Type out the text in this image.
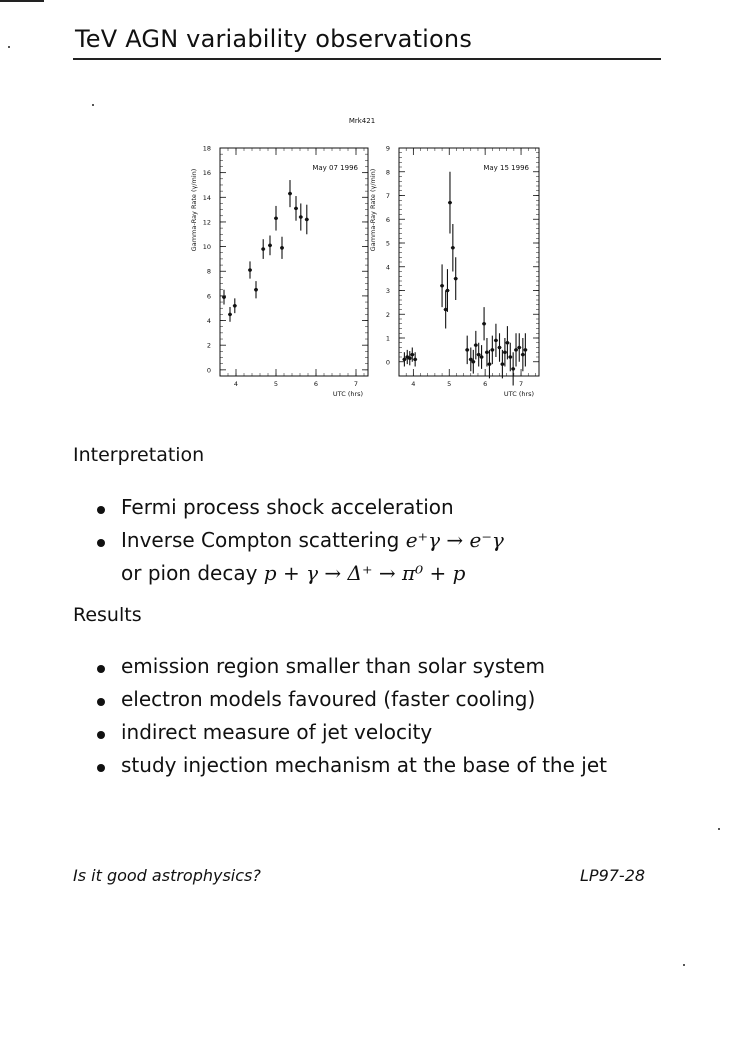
TeV AGN variability observations
Mrk421
0
2
4
6
8
10
12
14
16
18
4	5	6	7
UTC (hrs)
Gamma-Ray Rate (γ/min)
May 07 1996
0
1
2
3
4
5
6
7
8
9
4	5	6	7
UTC (hrs)
Gamma-Ray Rate (γ/min)
May 15 1996
Interpretation
Fermi process shock acceleration
Inverse Compton scattering e⁺γ → e⁻γ
or pion decay p + γ → Δ⁺ → π⁰ + p
Results
emission region smaller than solar system
electron models favoured (faster cooling)
indirect measure of jet velocity
study injection mechanism at the base of the jet
Is it good astrophysics?	LP97-28
